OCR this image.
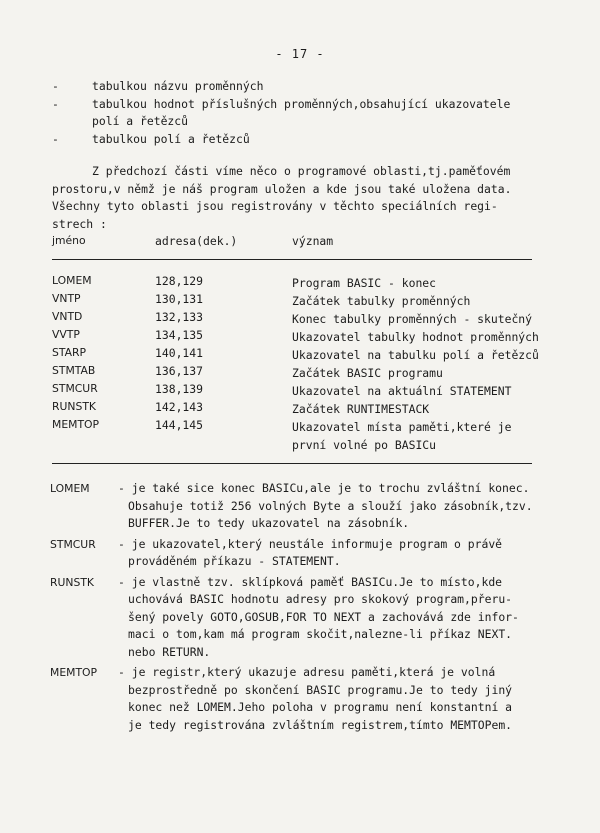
- 17 -
-	tabulkou názvu proměnných
-	tabulkou hodnot příslušných proměnných,obsahující ukazovatele
polí a řetězců
-	tabulkou polí a řetězců
Z předchozí části víme něco o programové oblasti,tj.paměťovém
prostoru,v němž je náš program uložen a kde jsou také uložena data.
Všechny tyto oblasti jsou registrovány v těchto speciálních regi-
strech :
jméno	adresa(dek.)	význam
LOMEM	128,129	Program BASIC - konec
VNTP	130,131	Začátek tabulky proměnných
VNTD	132,133	Konec tabulky proměnných - skutečný
VVTP	134,135	Ukazovatel tabulky hodnot proměnných
STARP	140,141	Ukazovatel na tabulku polí a řetězců
STMTAB	136,137	Začátek BASIC programu
STMCUR	138,139	Ukazovatel na aktuální STATEMENT
RUNSTK	142,143	Začátek RUNTIMESTACK
MEMTOP	144,145	Ukazovatel místa paměti,které je
první volné po BASICu
LOMEM	- je také sice konec BASICu,ale je to trochu zvláštní konec.
Obsahuje totiž 256 volných Byte a slouží jako zásobník,tzv.
BUFFER.Je to tedy ukazovatel na zásobník.
STMCUR	- je ukazovatel,který neustále informuje program o právě
prováděném příkazu - STATEMENT.
RUNSTK	- je vlastně tzv. sklípková paměť BASICu.Je to místo,kde
uchovává BASIC hodnotu adresy pro skokový program,přeru-
šený povely GOTO,GOSUB,FOR TO NEXT a zachovává zde infor-
maci o tom,kam má program skočit,nalezne-li příkaz NEXT.
nebo RETURN.
MEMTOP	- je registr,který ukazuje adresu paměti,která je volná
bezprostředně po skončení BASIC programu.Je to tedy jiný
konec než LOMEM.Jeho poloha v programu není konstantní a
je tedy registrována zvláštním registrem,tímto MEMTOPem.
